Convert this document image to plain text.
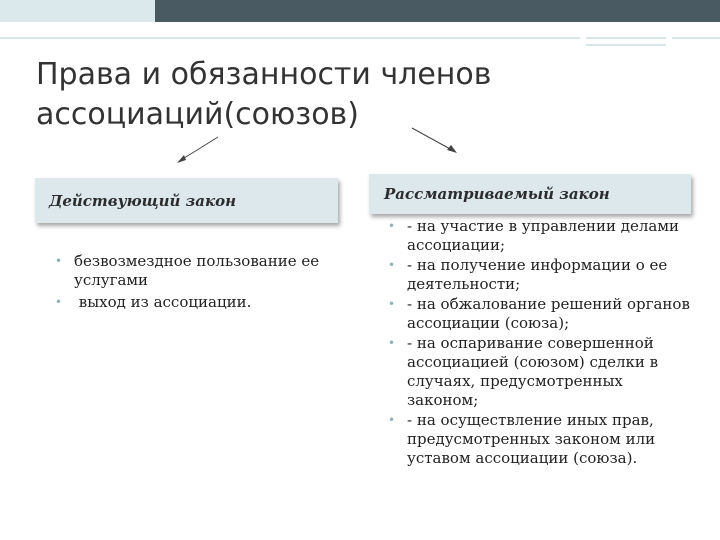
Права и обязанности членов
ассоциаций(союзов)
Действующий закон	Рассматриваемый закон
• безвозмездное пользование ее услугами
• выход из ассоциации.
• - на участие в управлении делами ассоциации;
• - на получение информации о ее деятельности;
• - на обжалование решений органов ассоциации (союза);
• - на оспаривание совершенной ассоциацией (союзом) сделки в случаях, предусмотренных законом;
• - на осуществление иных прав, предусмотренных законом или уставом ассоциации (союза).
